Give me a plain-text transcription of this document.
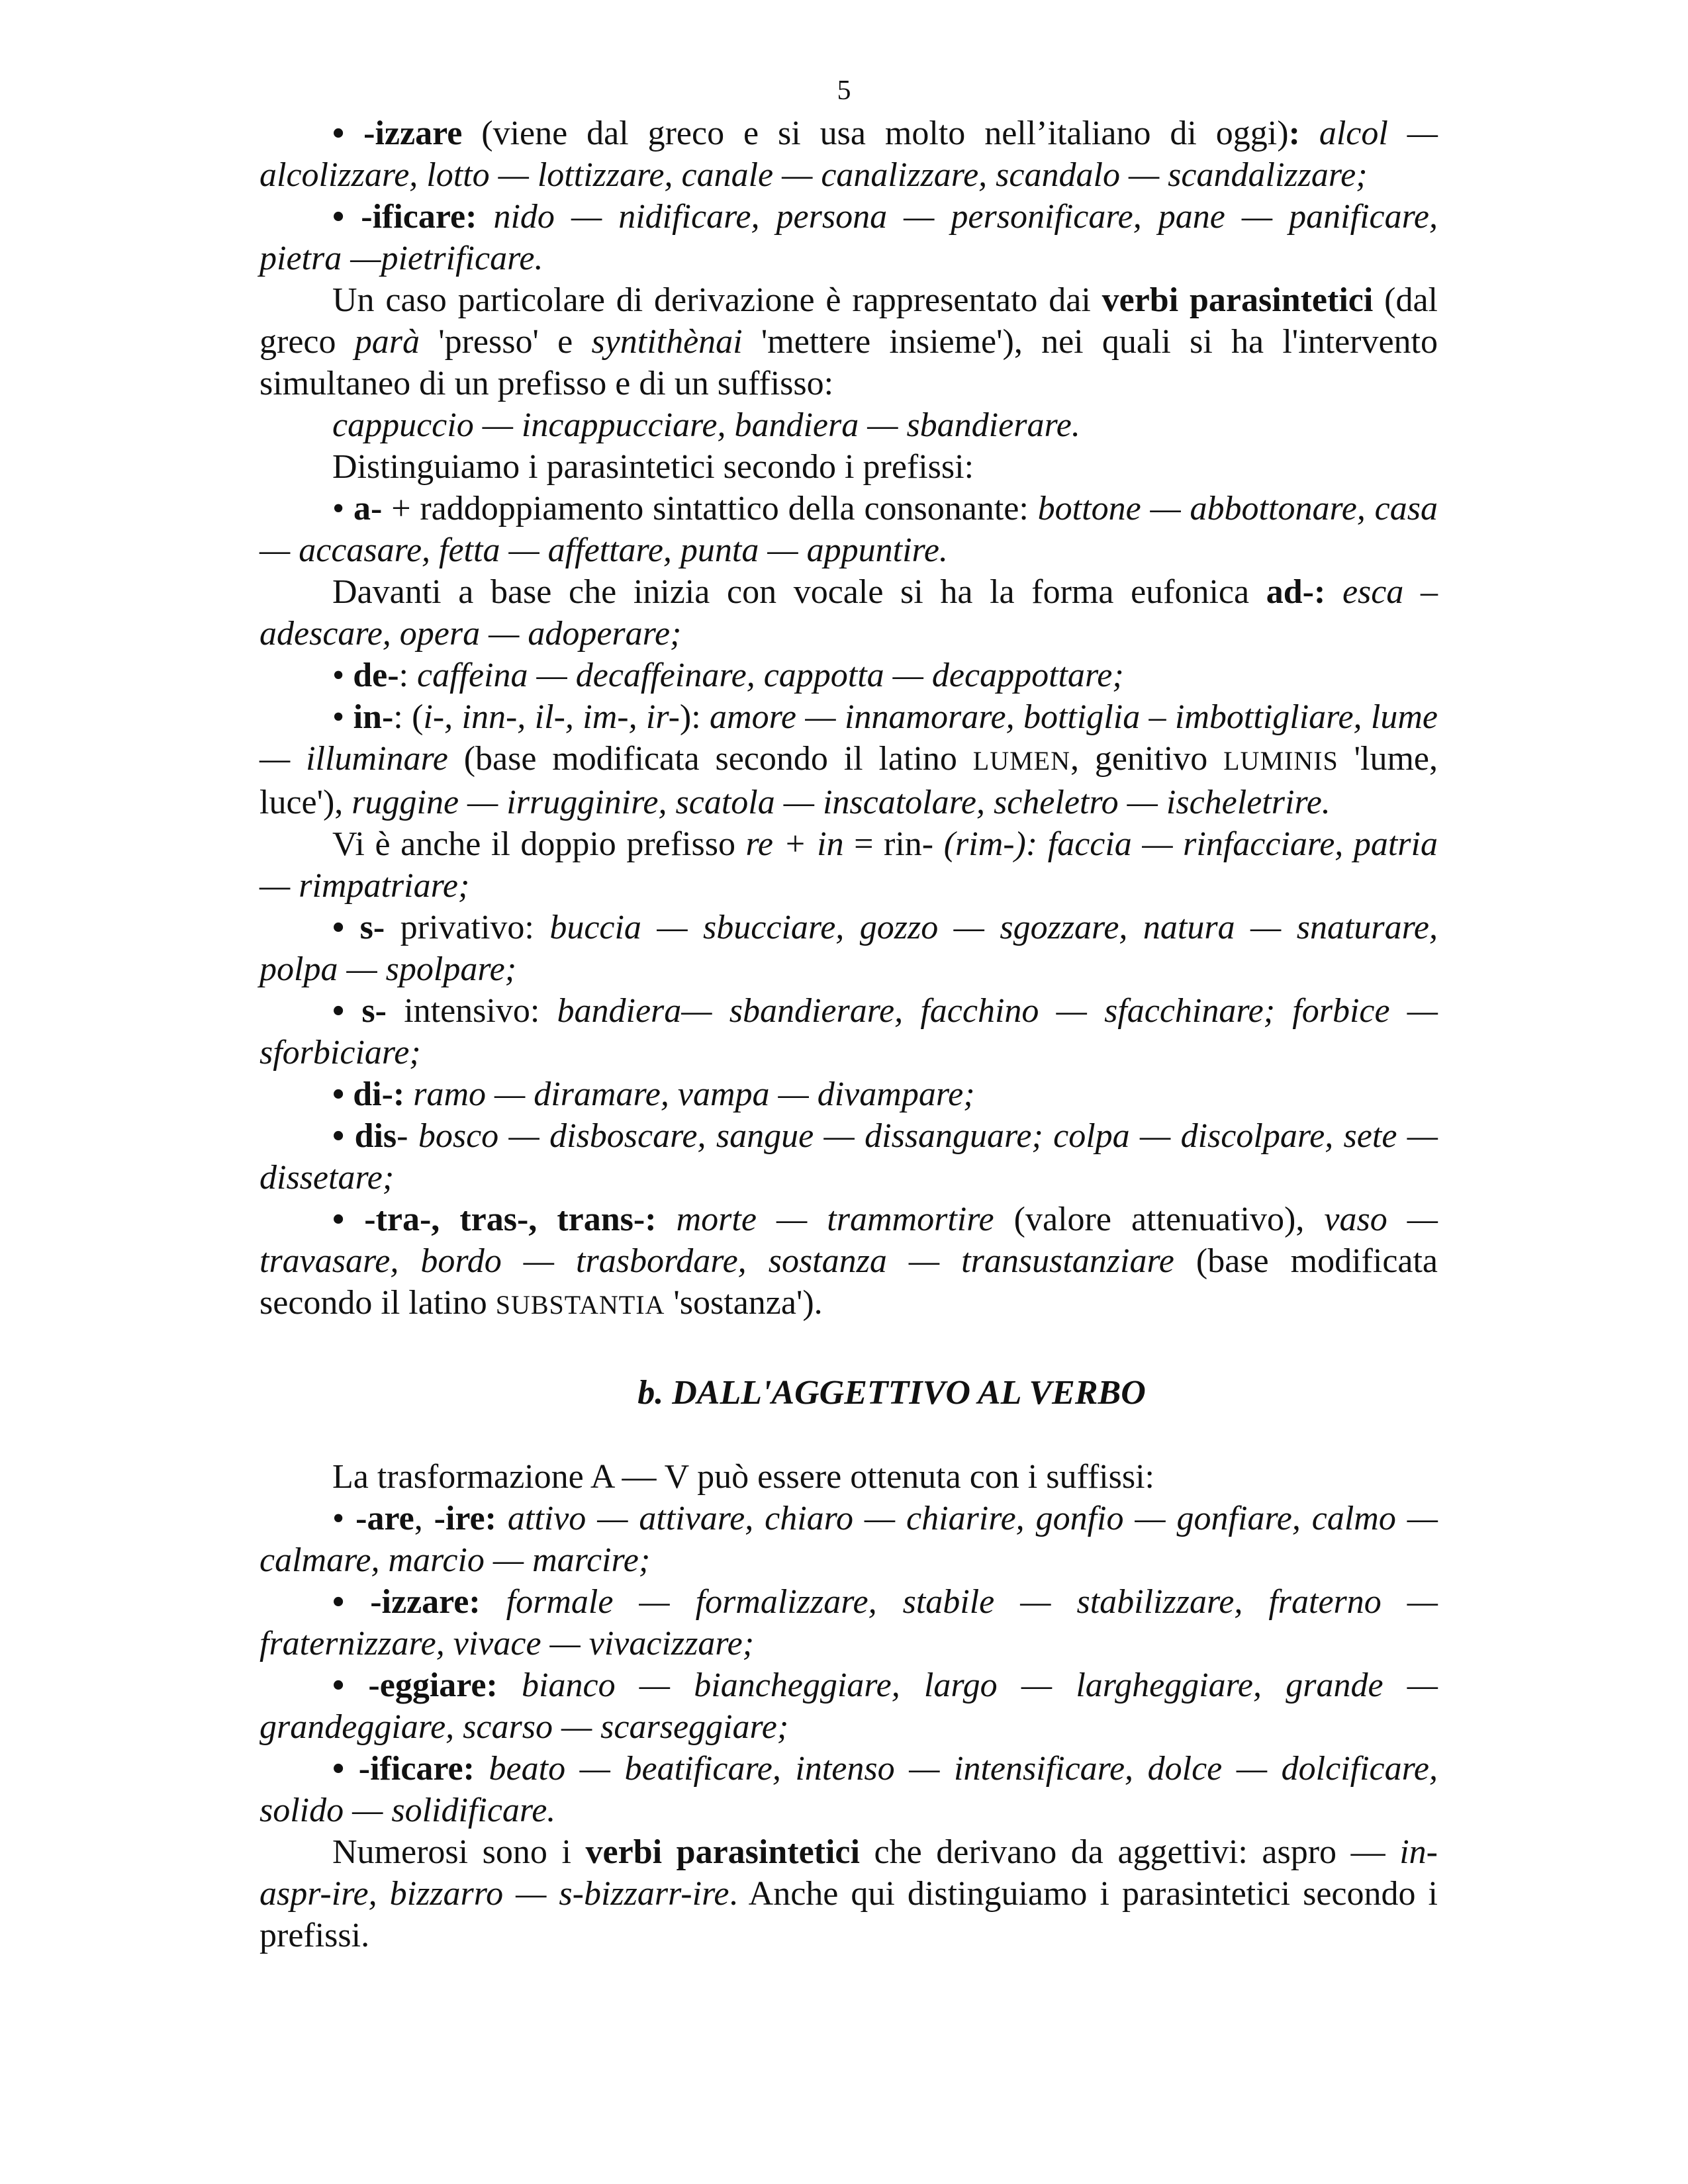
5

• -izzare (viene dal greco e si usa molto nell’italiano di oggi): alcol — alcolizzare, lotto — lottizzare, canale — canalizzare, scandalo — scandalizzare;

• -ificare: nido — nidificare, persona — personificare, pane — panificare, pietra —pietrificare.

Un caso particolare di derivazione è rappresentato dai verbi parasintetici (dal greco parà 'presso' e syntithènai 'mettere insieme'), nei quali si ha l'intervento simultaneo di un prefisso e di un suffisso:

cappuccio — incappucciare, bandiera — sbandierare.

Distinguiamo i parasintetici secondo i prefissi:

• a- + raddoppiamento sintattico della consonante: bottone — abbottonare, casa — accasare, fetta — affettare, punta — appuntire.

Davanti a base che inizia con vocale si ha la forma eufonica ad-: esca – adescare, opera — adoperare;

• de-: caffeina — decaffeinare, cappotta — decappottare;

• in-: (i-, inn-, il-, im-, ir-): amore — innamorare, bottiglia – imbottigliare, lume — illuminare (base modificata secondo il latino LUMEN, genitivo LUMINIS 'lume, luce'), ruggine — irrugginire, scatola — inscatolare, scheletro — ischeletrire.

Vi è anche il doppio prefisso re + in = rin- (rim-): faccia — rinfacciare, patria — rimpatriare;

• s- privativo: buccia — sbucciare, gozzo — sgozzare, natura — snaturare, polpa — spolpare;

• s- intensivo: bandiera— sbandierare, facchino — sfacchinare; forbice — sforbiciare;

• di-: ramo — diramare, vampa — divampare;

• dis- bosco — disboscare, sangue — dissanguare; colpa — discolpare, sete — dissetare;

• -tra-, tras-, trans-: morte — trammortire (valore attenuativo), vaso — travasare, bordo — trasbordare, sostanza — transustanziare (base modificata secondo il latino SUBSTANTIA 'sostanza').

b. DALL'AGGETTIVO AL VERBO

La trasformazione A — V può essere ottenuta con i suffissi:

• -are, -ire: attivo — attivare, chiaro — chiarire, gonfio — gonfiare, calmo — calmare, marcio — marcire;

• -izzare: formale — formalizzare, stabile — stabilizzare, fraterno — fraternizzare, vivace — vivacizzare;

• -eggiare: bianco — biancheggiare, largo — largheggiare, grande — grandeggiare, scarso — scarseggiare;

• -ificare: beato — beatificare, intenso — intensificare, dolce — dolcificare, solido — solidificare.

Numerosi sono i verbi parasintetici che derivano da aggettivi: aspro — in-aspr-ire, bizzarro — s-bizzarr-ire. Anche qui distinguiamo i parasintetici secondo i prefissi.
